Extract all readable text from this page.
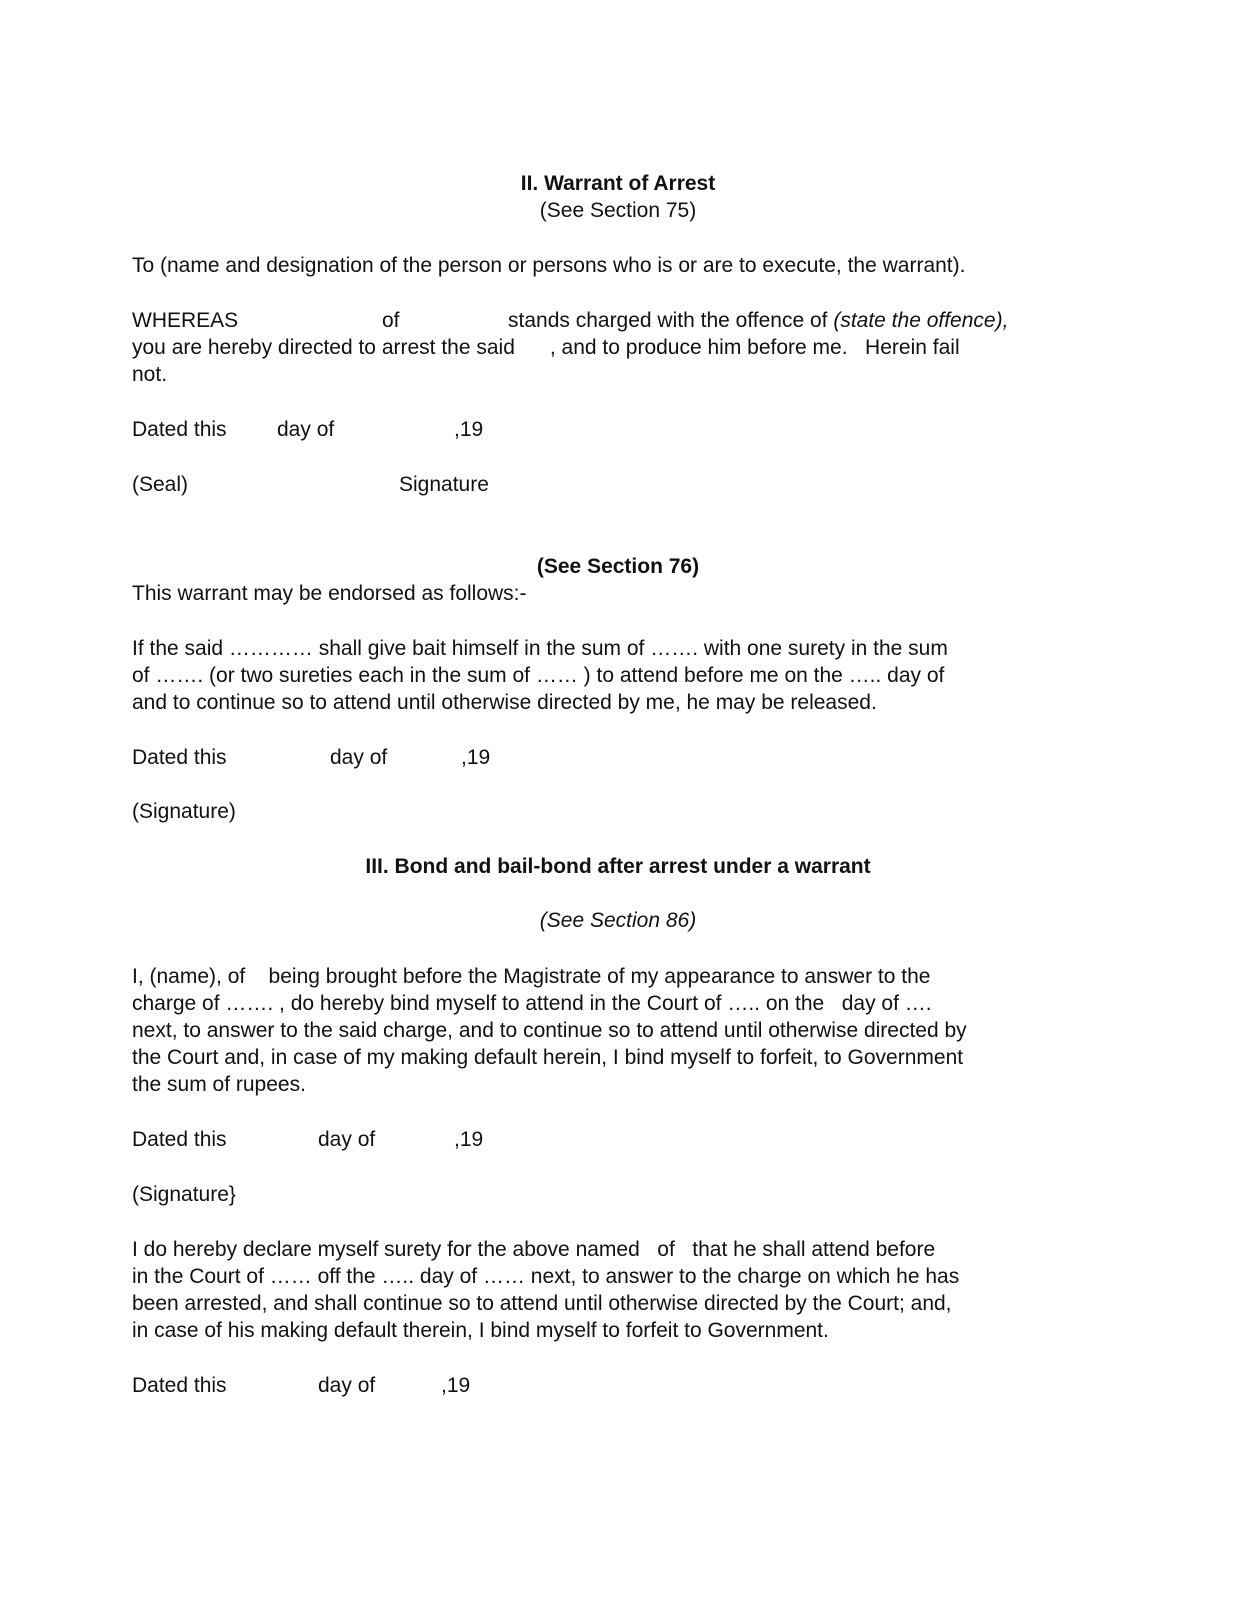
II. Warrant of Arrest
(See Section 75)
To (name and designation of the person or persons who is or are to execute, the warrant).
WHEREAS	of	stands charged with the offence of (state the offence),
you are hereby directed to arrest the said      , and to produce him before me.   Herein fail
not.
Dated this day of	,19
(Seal)	Signature
(See Section 76)
This warrant may be endorsed as follows:-
If the said ………… shall give bait himself in the sum of ……. with one surety in the sum
of ……. (or two sureties each in the sum of …… ) to attend before me on the ….. day of
and to continue so to attend until otherwise directed by me, he may be released.
Dated this	day of	,19
(Signature)
III. Bond and bail-bond after arrest under a warrant
(See Section 86)
I, (name), of    being brought before the Magistrate of my appearance to answer to the
charge of ……. , do hereby bind myself to attend in the Court of ….. on the   day of ….
next, to answer to the said charge, and to continue so to attend until otherwise directed by
the Court and, in case of my making default herein, I bind myself to forfeit, to Government
the sum of rupees.
Dated this	day of	,19
(Signature}
I do hereby declare myself surety for the above named   of   that he shall attend before
in the Court of …… off the ….. day of …… next, to answer to the charge on which he has
been arrested, and shall continue so to attend until otherwise directed by the Court; and,
in case of his making default therein, I bind myself to forfeit to Government.
Dated this	day of	,19
